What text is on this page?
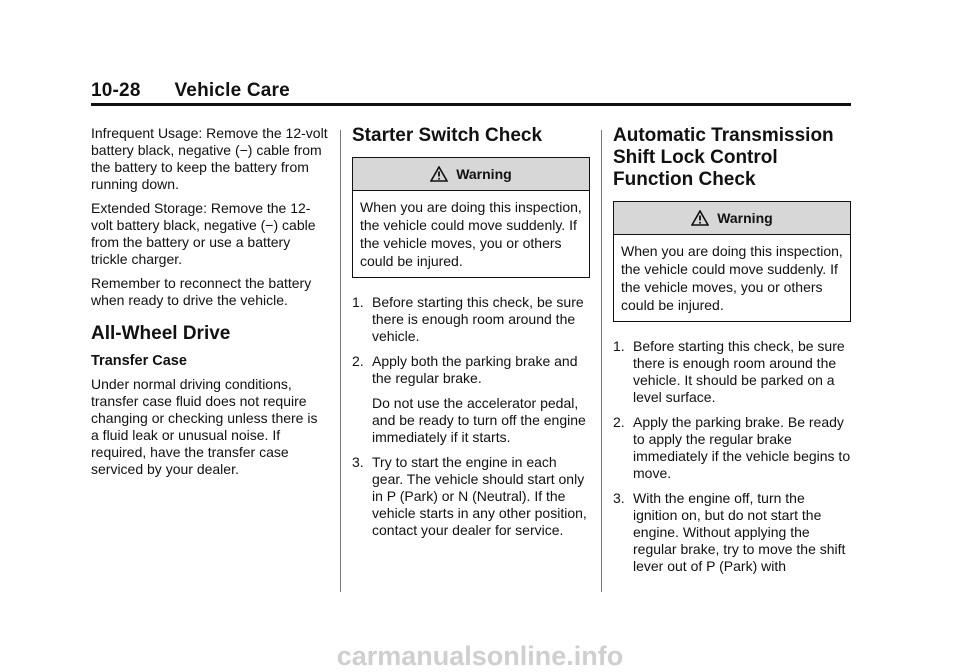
10-28 Vehicle Care

Infrequent Usage: Remove the 12-volt battery black, negative (−) cable from the battery to keep the battery from running down.

Extended Storage: Remove the 12-volt battery black, negative (−) cable from the battery or use a battery trickle charger.

Remember to reconnect the battery when ready to drive the vehicle.

All-Wheel Drive
Transfer Case

Under normal driving conditions, transfer case fluid does not require changing or checking unless there is a fluid leak or unusual noise. If required, have the transfer case serviced by your dealer.

Starter Switch Check
Warning
When you are doing this inspection, the vehicle could move suddenly. If the vehicle moves, you or others could be injured.
1. Before starting this check, be sure there is enough room around the vehicle.
2. Apply both the parking brake and the regular brake.
Do not use the accelerator pedal, and be ready to turn off the engine immediately if it starts.
3. Try to start the engine in each gear. The vehicle should start only in P (Park) or N (Neutral). If the vehicle starts in any other position, contact your dealer for service.
Automatic Transmission Shift Lock Control Function Check
Warning
When you are doing this inspection, the vehicle could move suddenly. If the vehicle moves, you or others could be injured.
1. Before starting this check, be sure there is enough room around the vehicle. It should be parked on a level surface.
2. Apply the parking brake. Be ready to apply the regular brake immediately if the vehicle begins to move.
3. With the engine off, turn the ignition on, but do not start the engine. Without applying the regular brake, try to move the shift lever out of P (Park) with
carmanualsonline.info
